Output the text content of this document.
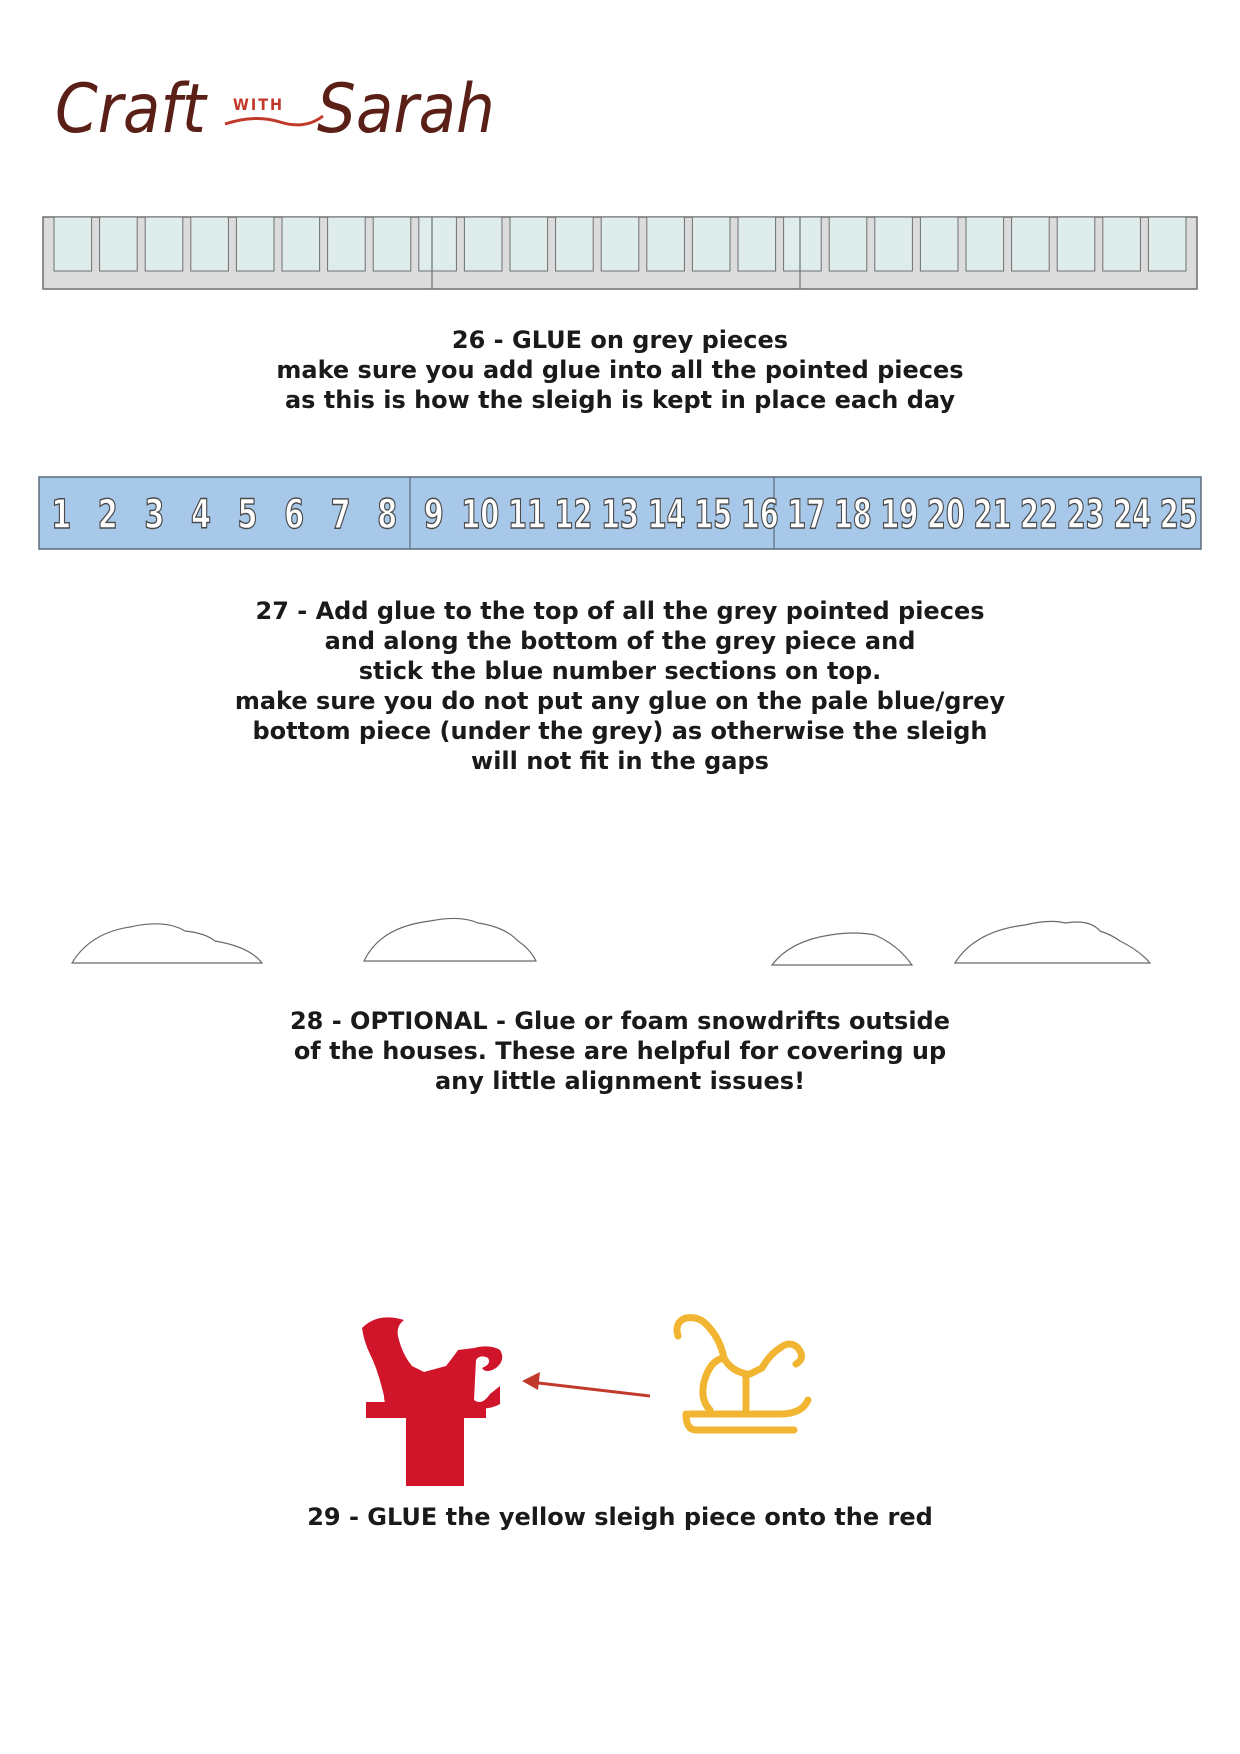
Craft WITH Sarah
26 - GLUE on grey pieces
make sure you add glue into all the pointed pieces
as this is how the sleigh is kept in place each day
1 2 3 4 5 6 7 8 9 10 11 12 13 14 15 16 17 18 19 20 21 22 23 24 25
27 - Add glue to the top of all the grey pointed pieces
and along the bottom of the grey piece and
stick the blue number sections on top.
make sure you do not put any glue on the pale blue/grey
bottom piece (under the grey) as otherwise the sleigh
will not fit in the gaps
28 - OPTIONAL - Glue or foam snowdrifts outside
of the houses. These are helpful for covering up
any little alignment issues!
29 - GLUE the yellow sleigh piece onto the red
